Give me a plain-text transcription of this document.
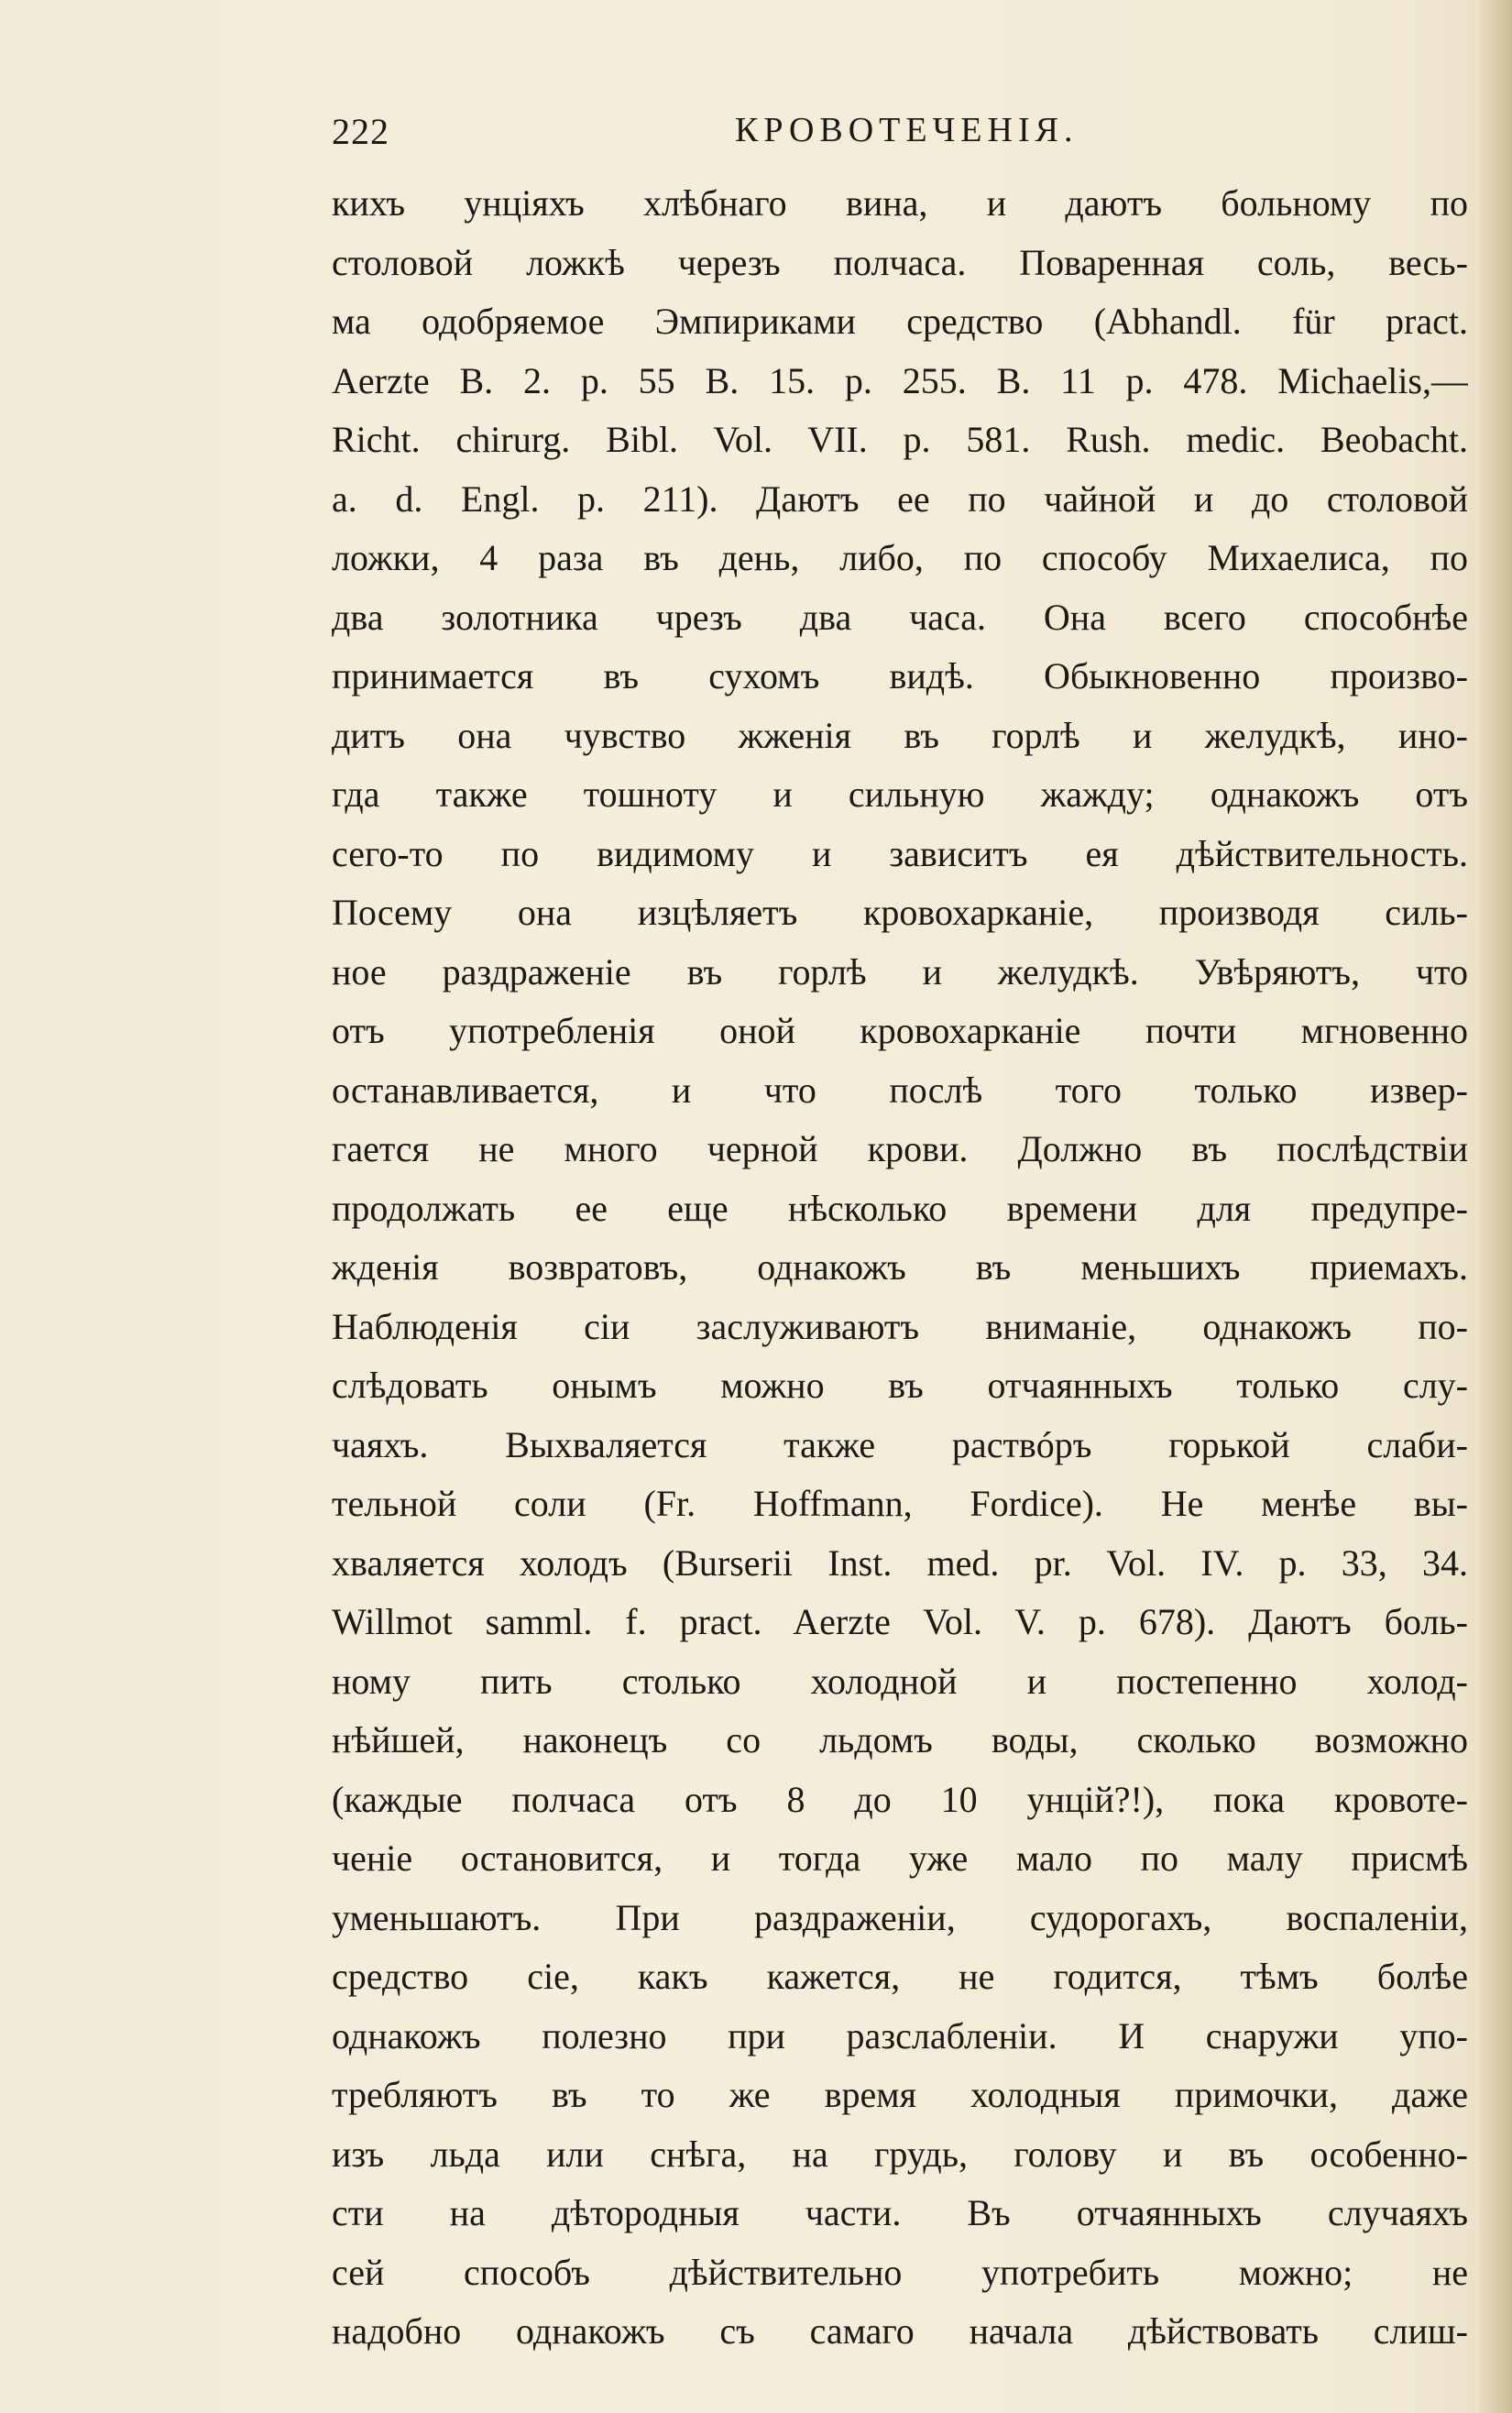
222	КРОВОТЕЧЕНІЯ.
кихъ унціяхъ хлѣбнаго вина, и даютъ больному по
столовой ложкѣ черезъ полчаса. Поваренная соль, весь-
ма одобряемое Эмпириками средство (Abhandl. für pract.
Aerzte B. 2. p. 55 B. 15. p. 255. B. 11 p. 478. Michaelis,—
Richt. chirurg. Bibl. Vol. VII. p. 581. Rush. medic. Beobacht.
a. d. Engl. p. 211). Даютъ ее по чайной и до столовой
ложки, 4 раза въ день, либо, по способу Михаелиса, по
два золотника чрезъ два часа. Она всего способнѣе
принимается въ сухомъ видѣ. Обыкновенно произво-
дитъ она чувство жженія въ горлѣ и желудкѣ, ино-
гда также тошноту и сильную жажду; однакожъ отъ
сего-то по видимому и зависитъ ея дѣйствительность.
Посему она изцѣляетъ кровохарканіе, производя силь-
ное раздраженіе въ горлѣ и желудкѣ. Увѣряютъ, что
отъ употребленія оной кровохарканіе почти мгновенно
останавливается, и что послѣ того только извер-
гается не много черной крови. Должно въ послѣдствіи
продолжать ее еще нѣсколько времени для предупре-
жденія возвратовъ, однакожъ въ меньшихъ приемахъ.
Наблюденія сіи заслуживаютъ вниманіе, однакожъ по-
слѣдовать онымъ можно въ отчаянныхъ только слу-
чаяхъ. Выхваляется также раствóръ горькой слаби-
тельной соли (Fr. Hoffmann, Fordice). Не менѣе вы-
хваляется холодъ (Burserii Inst. med. pr. Vol. IV. p. 33, 34.
Willmot samml. f. pract. Aerzte Vol. V. p. 678). Даютъ боль-
ному пить столько холодной и постепенно холод-
нѣйшей, наконецъ со льдомъ воды, сколько возможно
(каждые полчаса отъ 8 до 10 унцій?!), пока кровоте-
ченіе остановится, и тогда уже мало по малу присмѣ
уменьшаютъ. При раздраженіи, судорогахъ, воспаленіи,
средство сіе, какъ кажется, не годится, тѣмъ болѣе
однакожъ полезно при разслабленіи. И снаружи упо-
требляютъ въ то же время холодныя примочки, даже
изъ льда или снѣга, на грудь, голову и въ особенно-
сти на дѣтородныя части. Въ отчаянныхъ случаяхъ
сей способъ дѣйствительно употребить можно; не
надобно однакожъ съ самаго начала дѣйствовать слиш-
